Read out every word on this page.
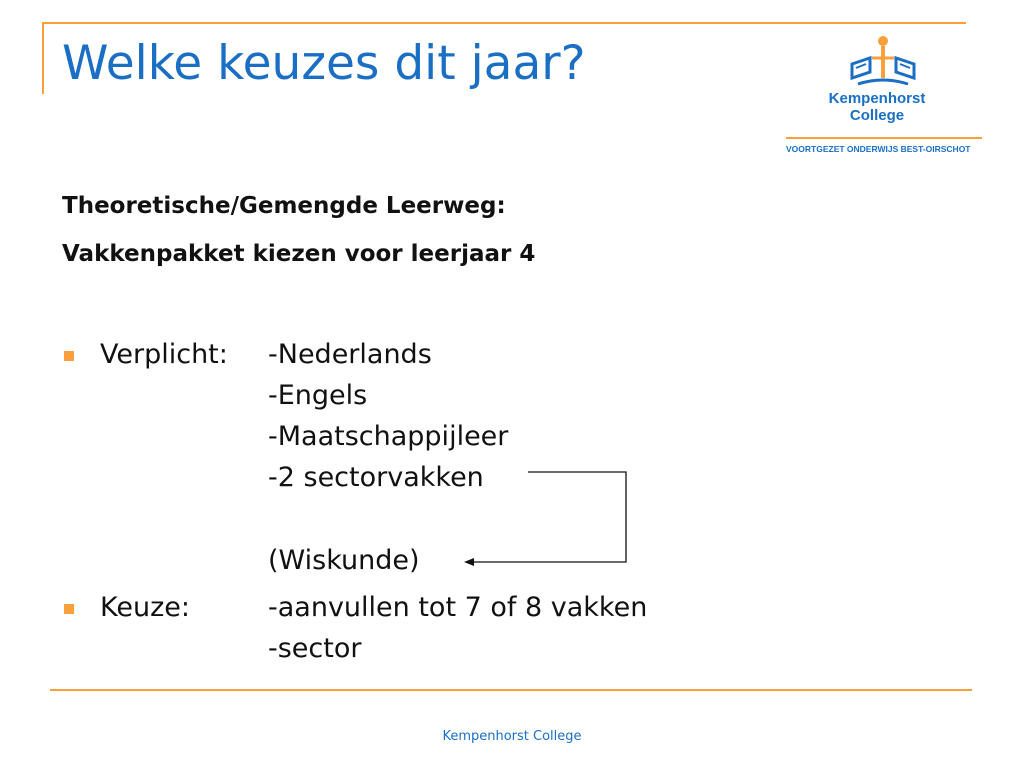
Welke keuzes dit jaar?
Kempenhorst
College
VOORTGEZET ONDERWIJS BEST-OIRSCHOT

Theoretische/Gemengde Leerweg:

Vakkenpakket kiezen voor leerjaar 4

Verplicht: -Nederlands
-Engels
-Maatschappijleer
-2 sectorvakken
(Wiskunde)
Keuze:	-aanvullen tot 7 of 8 vakken
-sector
Kempenhorst College
